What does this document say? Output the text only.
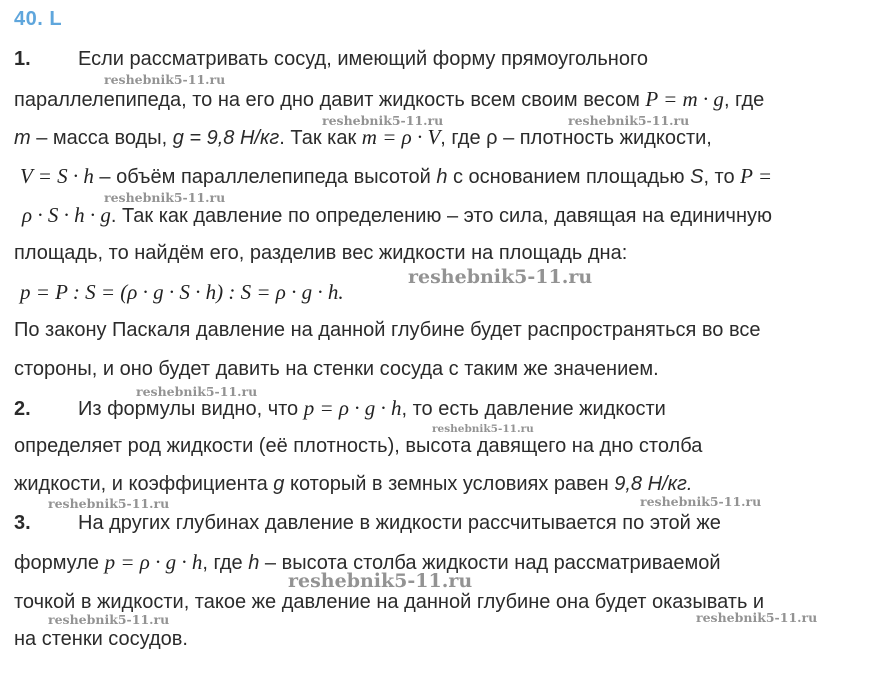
40. L
1. Если рассматривать сосуд, имеющий форму прямоугольного
параллелепипеда, то на его дно давит жидкость всем своим весом P = m · g, где
m – масса воды, g = 9,8 Н/кг. Так как m = ρ · V, где ρ – плотность жидкости,
V = S · h – объём параллелепипеда высотой h с основанием площадью S, то P =
ρ · S · h · g. Так как давление по определению – это сила, давящая на единичную
площадь, то найдём его, разделив вес жидкости на площадь дна:
p = P : S = (ρ · g · S · h) : S = ρ · g · h.
По закону Паскаля давление на данной глубине будет распространяться во все
стороны, и оно будет давить на стенки сосуда с таким же значением.
2. Из формулы видно, что p = ρ · g · h, то есть давление жидкости
определяет род жидкости (её плотность), высота давящего на дно столба
жидкости, и коэффициента g который в земных условиях равен 9,8 Н/кг.
3. На других глубинах давление в жидкости рассчитывается по этой же
формуле p = ρ · g · h, где h – высота столба жидкости над рассматриваемой
точкой в жидкости, такое же давление на данной глубине она будет оказывать и
на стенки сосудов.
reshebnik5-11.ru
reshebnik5-11.ru	reshebnik5-11.ru
reshebnik5-11.ru
reshebnik5-11.ru
reshebnik5-11.ru
reshebnik5-11.ru
reshebnik5-11.ru	reshebnik5-11.ru
reshebnik5-11.ru
reshebnik5-11.ru	reshebnik5-11.ru
